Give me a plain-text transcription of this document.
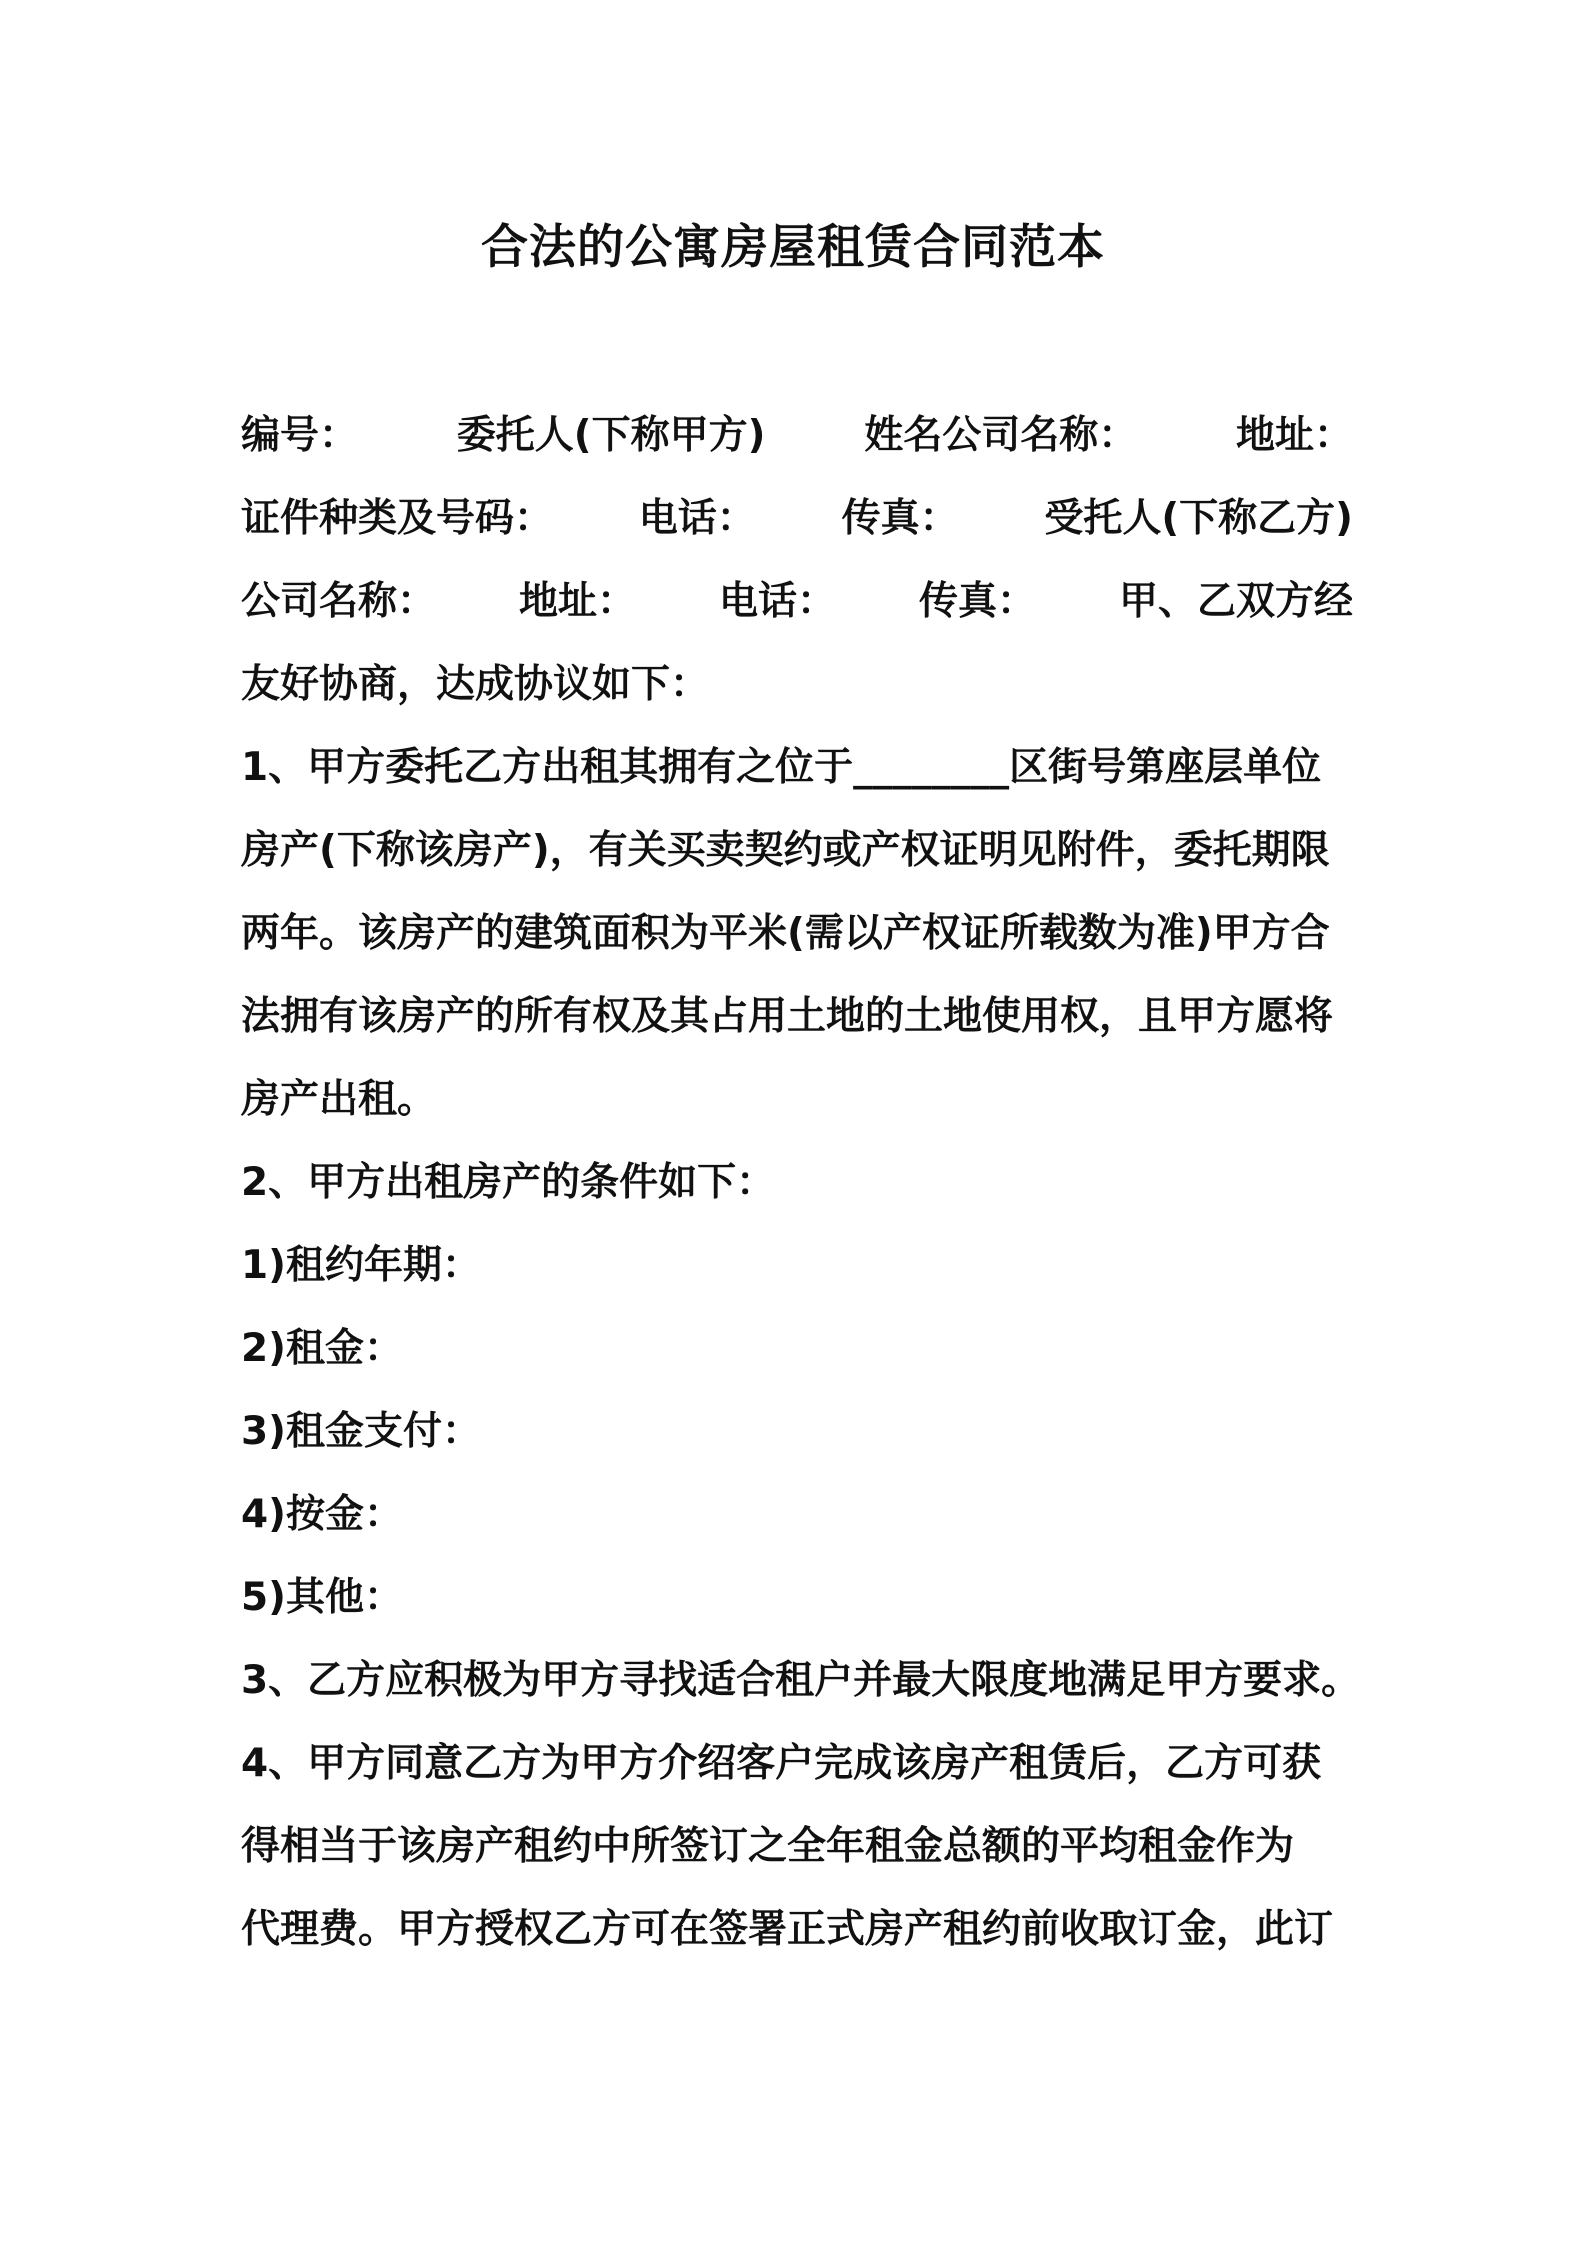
合法的公寓房屋租赁合同范本
编号：	委托人(下称甲方)	姓名公司名称：	地址：
证件种类及号码： 电话： 传真： 受托人(下称乙方)
公司名称： 地址： 电话： 传真： 甲、乙双方经
友好协商，达成协议如下：
1、甲方委托乙方出租其拥有之位于________区街号第座层单位
房产(下称该房产)，有关买卖契约或产权证明见附件，委托期限
两年。该房产的建筑面积为平米(需以产权证所载数为准)甲方合
法拥有该房产的所有权及其占用土地的土地使用权，且甲方愿将
房产出租。
2、甲方出租房产的条件如下：
1)租约年期：
2)租金：
3)租金支付：
4)按金：
5)其他：
3、乙方应积极为甲方寻找适合租户并最大限度地满足甲方要求。
4、甲方同意乙方为甲方介绍客户完成该房产租赁后，乙方可获
得相当于该房产租约中所签订之全年租金总额的平均租金作为
代理费。甲方授权乙方可在签署正式房产租约前收取订金，此订
